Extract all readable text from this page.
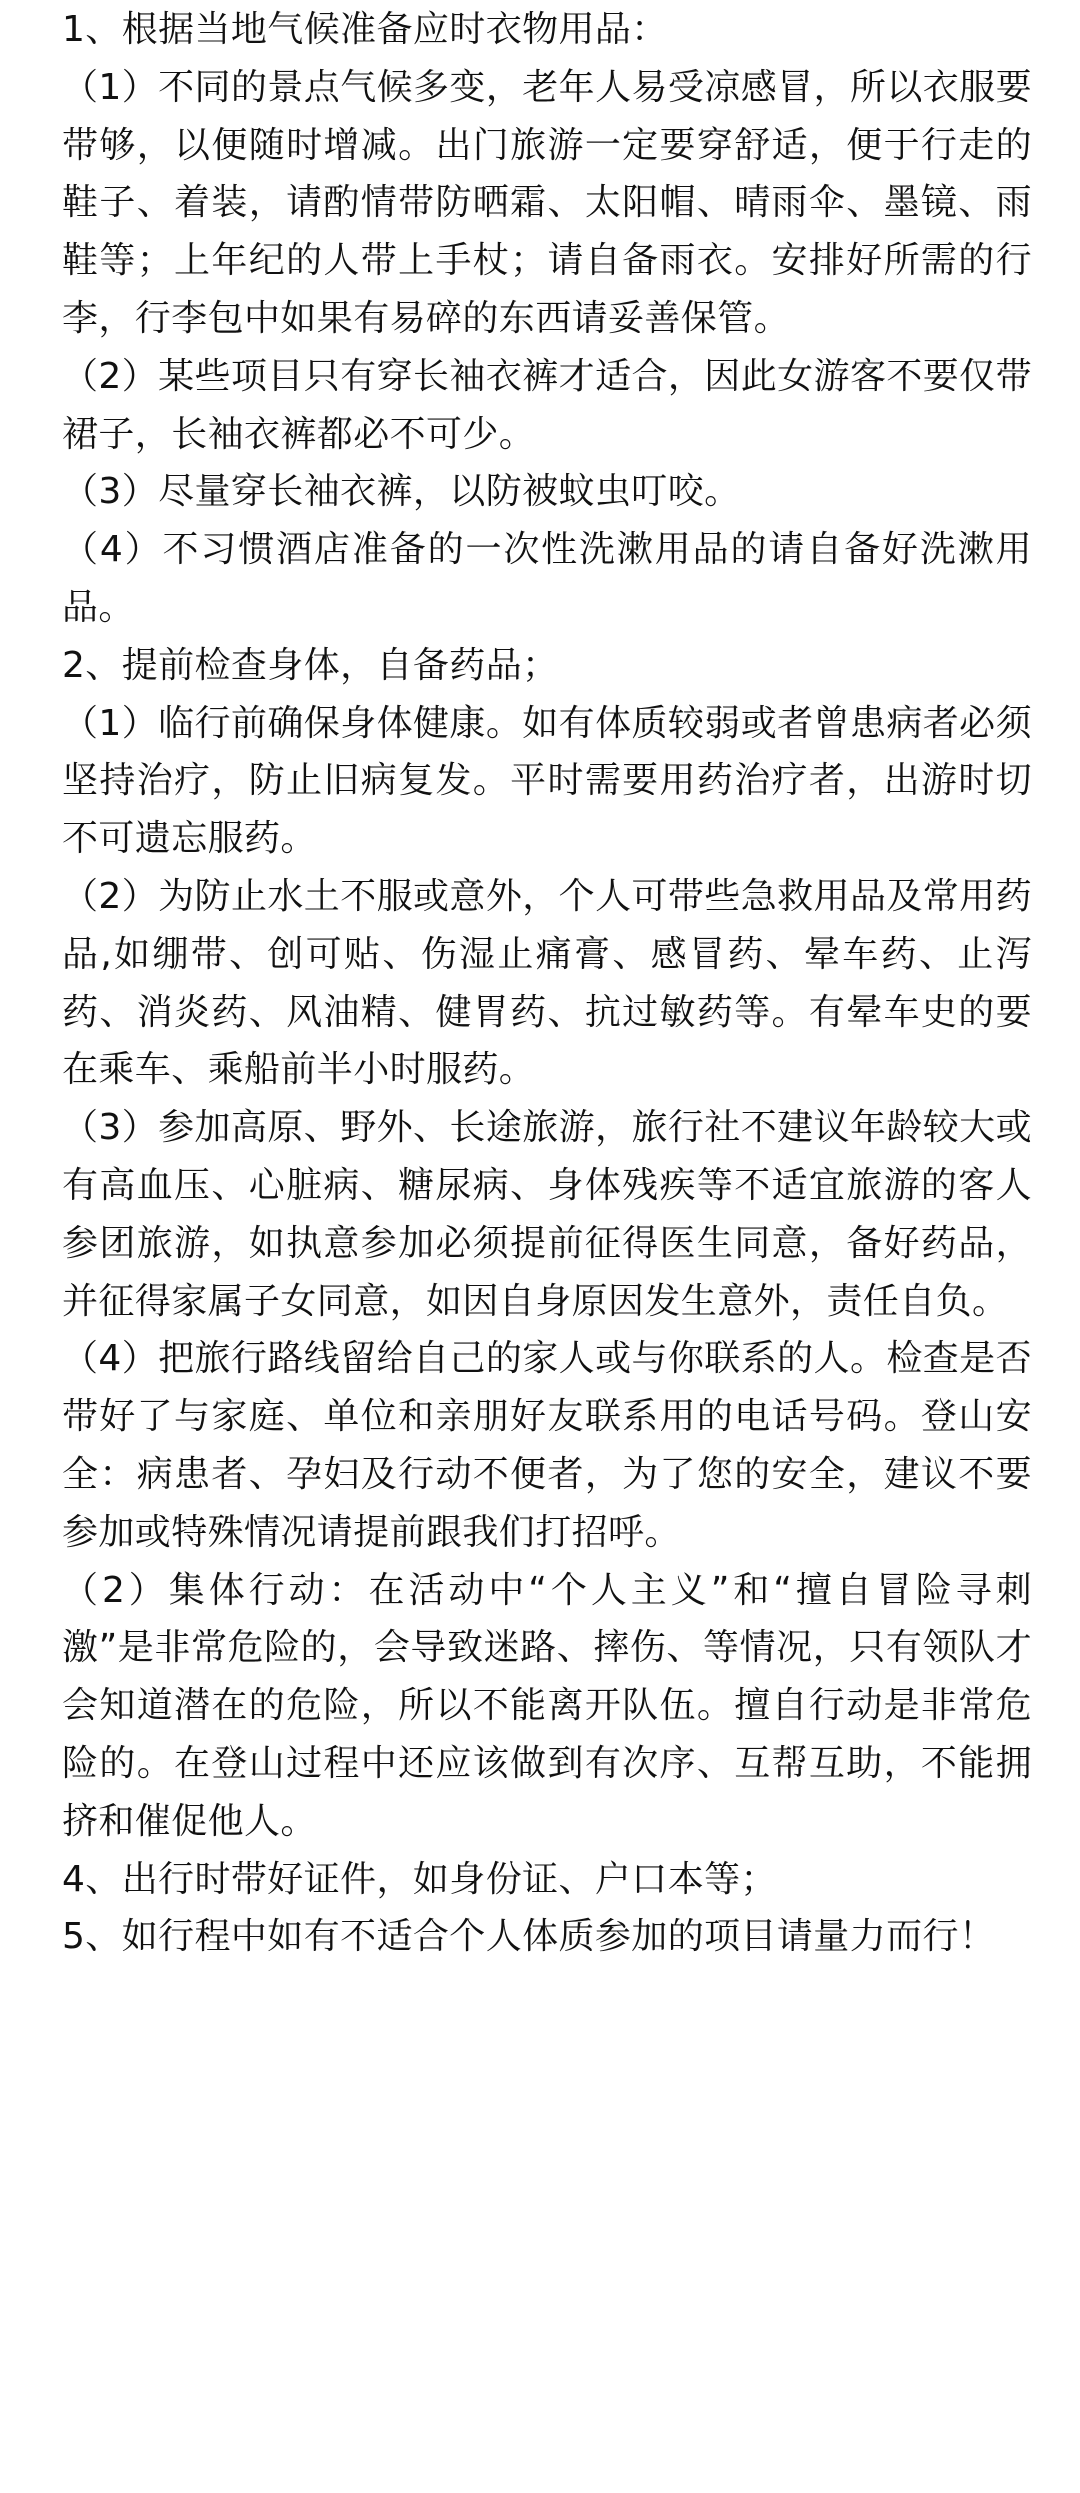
1、根据当地气候准备应时衣物用品：

（1）不同的景点气候多变，老年人易受凉感冒，所以衣服要带够，以便随时增减。出门旅游一定要穿舒适，便于行走的鞋子、着装，请酌情带防晒霜、太阳帽、晴雨伞、墨镜、雨鞋等；上年纪的人带上手杖；请自备雨衣。安排好所需的行李，行李包中如果有易碎的东西请妥善保管。

（2）某些项目只有穿长袖衣裤才适合，因此女游客不要仅带裙子，长袖衣裤都必不可少。

（3）尽量穿长袖衣裤，以防被蚊虫叮咬。

（4）不习惯酒店准备的一次性洗漱用品的请自备好洗漱用品。

2、提前检查身体，自备药品；

（1）临行前确保身体健康。如有体质较弱或者曾患病者必须坚持治疗，防止旧病复发。平时需要用药治疗者，出游时切不可遗忘服药。

（2）为防止水土不服或意外，个人可带些急救用品及常用药品,如绷带、创可贴、伤湿止痛膏、感冒药、晕车药、止泻药、消炎药、风油精、健胃药、抗过敏药等。有晕车史的要在乘车、乘船前半小时服药。

（3）参加高原、野外、长途旅游，旅行社不建议年龄较大或有高血压、心脏病、糖尿病、身体残疾等不适宜旅游的客人参团旅游，如执意参加必须提前征得医生同意，备好药品，并征得家属子女同意，如因自身原因发生意外，责任自负。

（4）把旅行路线留给自己的家人或与你联系的人。检查是否带好了与家庭、单位和亲朋好友联系用的电话号码。登山安全：病患者、孕妇及行动不便者，为了您的安全，建议不要参加或特殊情况请提前跟我们打招呼。

（2）集体行动：在活动中“个人主义”和“擅自冒险寻刺激”是非常危险的，会导致迷路、摔伤、等情况，只有领队才会知道潜在的危险，所以不能离开队伍。擅自行动是非常危险的。在登山过程中还应该做到有次序、互帮互助，不能拥挤和催促他人。

4、出行时带好证件，如身份证、户口本等；

5、如行程中如有不适合个人体质参加的项目请量力而行！
